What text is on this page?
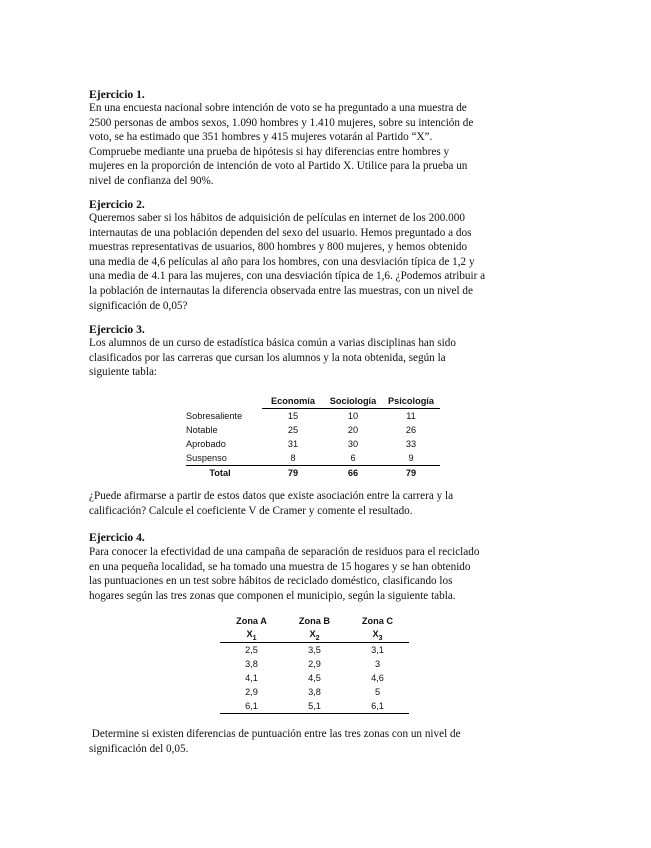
Ejercicio 1.

En una encuesta nacional sobre intención de voto se ha preguntado a una muestra de
2500 personas de ambos sexos, 1.090 hombres y 1.410 mujeres, sobre su intención de
voto, se ha estimado que 351 hombres y 415 mujeres votarán al Partido “X”.
Compruebe mediante una prueba de hipótesis si hay diferencias entre hombres y
mujeres en la proporción de intención de voto al Partido X. Utilice para la prueba un
nivel de confianza del 90%.

Ejercicio 2.

Queremos saber si los hábitos de adquisición de películas en internet de los 200.000
internautas de una población dependen del sexo del usuario. Hemos preguntado a dos
muestras representativas de usuarios, 800 hombres y 800 mujeres, y hemos obtenido
una media de 4,6 películas al año para los hombres, con una desviación típica de 1,2 y
una media de 4.1 para las mujeres, con una desviación típica de 1,6. ¿Podemos atribuir a
la población de internautas la diferencia observada entre las muestras, con un nivel de
significación de 0,05?

Ejercicio 3.

Los alumnos de un curso de estadística básica común a varias disciplinas han sido
clasificados por las carreras que cursan los alumnos y la nota obtenida, según la
siguiente tabla:
	Economía	Sociología	Psicología
Sobresaliente	15	10	11
Notable	25	20	26
Aprobado	31	30	33
Suspenso	8	6	9
Total	79	66	79
¿Puede afirmarse a partir de estos datos que existe asociación entre la carrera y la
calificación? Calcule el coeficiente V de Cramer y comente el resultado.

Ejercicio 4.

Para conocer la efectividad de una campaña de separación de residuos para el reciclado
en una pequeña localidad, se ha tomado una muestra de 15 hogares y se han obtenido
las puntuaciones en un test sobre hábitos de reciclado doméstico, clasificando los
hogares según las tres zonas que componen el municipio, según la siguiente tabla.
Zona A	Zona B	Zona C
$X_1$	$X_2$	$X_3$
2,5	3,5	3,1
3,8	2,9	3
4,1	4,5	4,6
2,9	3,8	5
6,1	5,1	6,1
Determine si existen diferencias de puntuación entre las tres zonas con un nivel de
significación del 0,05.
